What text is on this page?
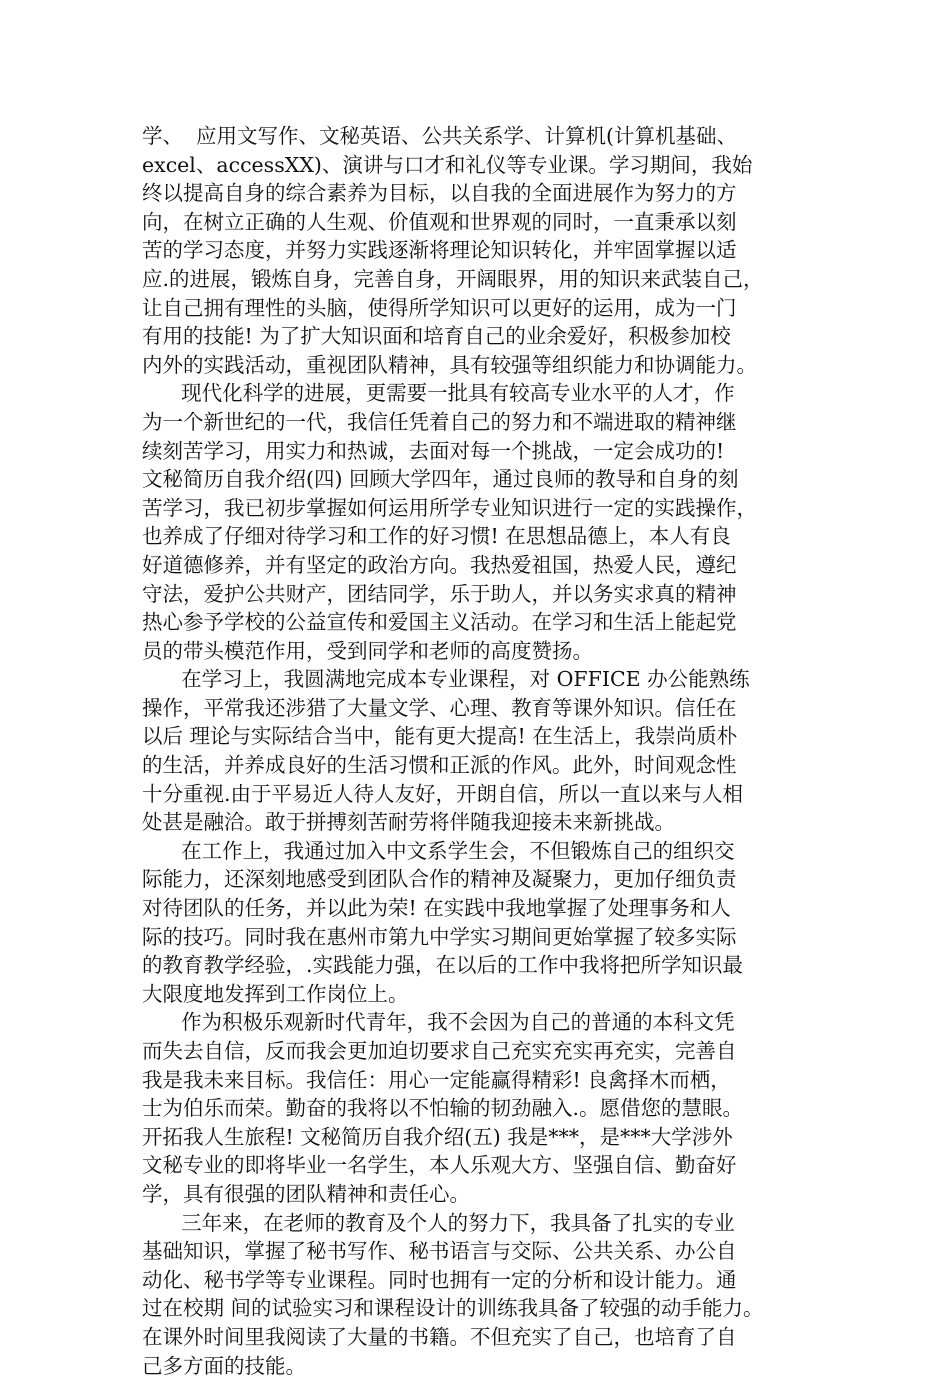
学、  应用文写作、文秘英语、公共关系学、计算机(计算机基础、
excel、accessXX)、演讲与口才和礼仪等专业课。学习期间，我始
终以提高自身的综合素养为目标，以自我的全面进展作为努力的方
向，在树立正确的人生观、价值观和世界观的同时，一直秉承以刻
苦的学习态度，并努力实践逐渐将理论知识转化，并牢固掌握以适
应.的进展，锻炼自身，完善自身，开阔眼界，用的知识来武装自己，
让自己拥有理性的头脑，使得所学知识可以更好的运用，成为一门
有用的技能! 为了扩大知识面和培育自己的业余爱好，积极参加校
内外的实践活动，重视团队精神，具有较强等组织能力和协调能力。
现代化科学的进展，更需要一批具有较高专业水平的人才，作
为一个新世纪的一代，我信任凭着自己的努力和不端进取的精神继
续刻苦学习，用实力和热诚，去面对每一个挑战，一定会成功的!
文秘简历自我介绍(四) 回顾大学四年，通过良师的教导和自身的刻
苦学习，我已初步掌握如何运用所学专业知识进行一定的实践操作，
也养成了仔细对待学习和工作的好习惯! 在思想品德上，本人有良
好道德修养，并有坚定的政治方向。我热爱祖国，热爱人民，遵纪
守法，爱护公共财产，团结同学，乐于助人，并以务实求真的精神
热心参予学校的公益宣传和爱国主义活动。在学习和生活上能起党
员的带头模范作用，受到同学和老师的高度赞扬。
在学习上，我圆满地完成本专业课程，对 OFFICE 办公能熟练
操作，平常我还涉猎了大量文学、心理、教育等课外知识。信任在
以后 理论与实际结合当中，能有更大提高! 在生活上，我崇尚质朴
的生活，并养成良好的生活习惯和正派的作风。此外，时间观念性
十分重视.由于平易近人待人友好，开朗自信，所以一直以来与人相
处甚是融洽。敢于拼搏刻苦耐劳将伴随我迎接未来新挑战。
在工作上，我通过加入中文系学生会，不但锻炼自己的组织交
际能力，还深刻地感受到团队合作的精神及凝聚力，更加仔细负责
对待团队的任务，并以此为荣! 在实践中我地掌握了处理事务和人
际的技巧。同时我在惠州市第九中学实习期间更始掌握了较多实际
的教育教学经验，.实践能力强，在以后的工作中我将把所学知识最
大限度地发挥到工作岗位上。
作为积极乐观新时代青年，我不会因为自己的普通的本科文凭
而失去自信，反而我会更加迫切要求自己充实充实再充实，完善自
我是我未来目标。我信任：用心一定能赢得精彩! 良禽择木而栖，
士为伯乐而荣。勤奋的我将以不怕输的韧劲融入.。愿借您的慧眼。
开拓我人生旅程! 文秘简历自我介绍(五) 我是***，是***大学涉外
文秘专业的即将毕业一名学生，本人乐观大方、坚强自信、勤奋好
学，具有很强的团队精神和责任心。
三年来，在老师的教育及个人的努力下，我具备了扎实的专业
基础知识，掌握了秘书写作、秘书语言与交际、公共关系、办公自
动化、秘书学等专业课程。同时也拥有一定的分析和设计能力。通
过在校期 间的试验实习和课程设计的训练我具备了较强的动手能力。
在课外时间里我阅读了大量的书籍。不但充实了自己，也培育了自
己多方面的技能。
